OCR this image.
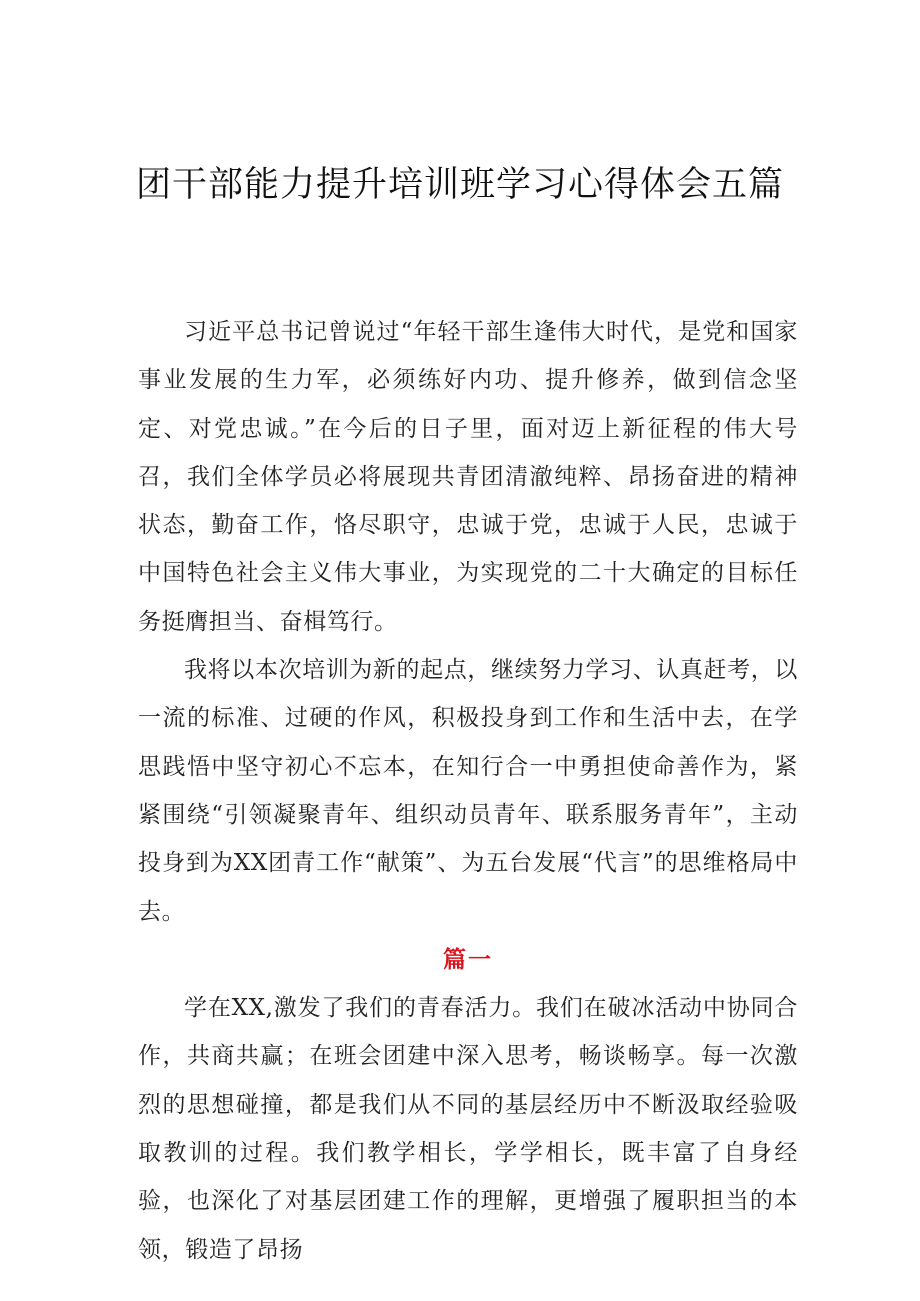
团干部能力提升培训班学习心得体会五篇

习近平总书记曾说过“年轻干部生逢伟大时代，是党和国家事业发展的生力军，必须练好内功、提升修养，做到信念坚定、对党忠诚。”在今后的日子里，面对迈上新征程的伟大号召，我们全体学员必将展现共青团清澈纯粹、昂扬奋进的精神状态，勤奋工作，恪尽职守，忠诚于党，忠诚于人民，忠诚于中国特色社会主义伟大事业，为实现党的二十大确定的目标任务挺膺担当、奋楫笃行。

我将以本次培训为新的起点，继续努力学习、认真赶考，以一流的标准、过硬的作风，积极投身到工作和生活中去，在学思践悟中坚守初心不忘本，在知行合一中勇担使命善作为，紧紧围绕“引领凝聚青年、组织动员青年、联系服务青年”，主动投身到为XX团青工作“献策”、为五台发展“代言”的思维格局中去。

篇一

学在XX,激发了我们的青春活力。我们在破冰活动中协同合作，共商共赢；在班会团建中深入思考，畅谈畅享。每一次激烈的思想碰撞，都是我们从不同的基层经历中不断汲取经验吸取教训的过程。我们教学相长，学学相长，既丰富了自身经验，也深化了对基层团建工作的理解，更增强了履职担当的本领，锻造了昂扬
